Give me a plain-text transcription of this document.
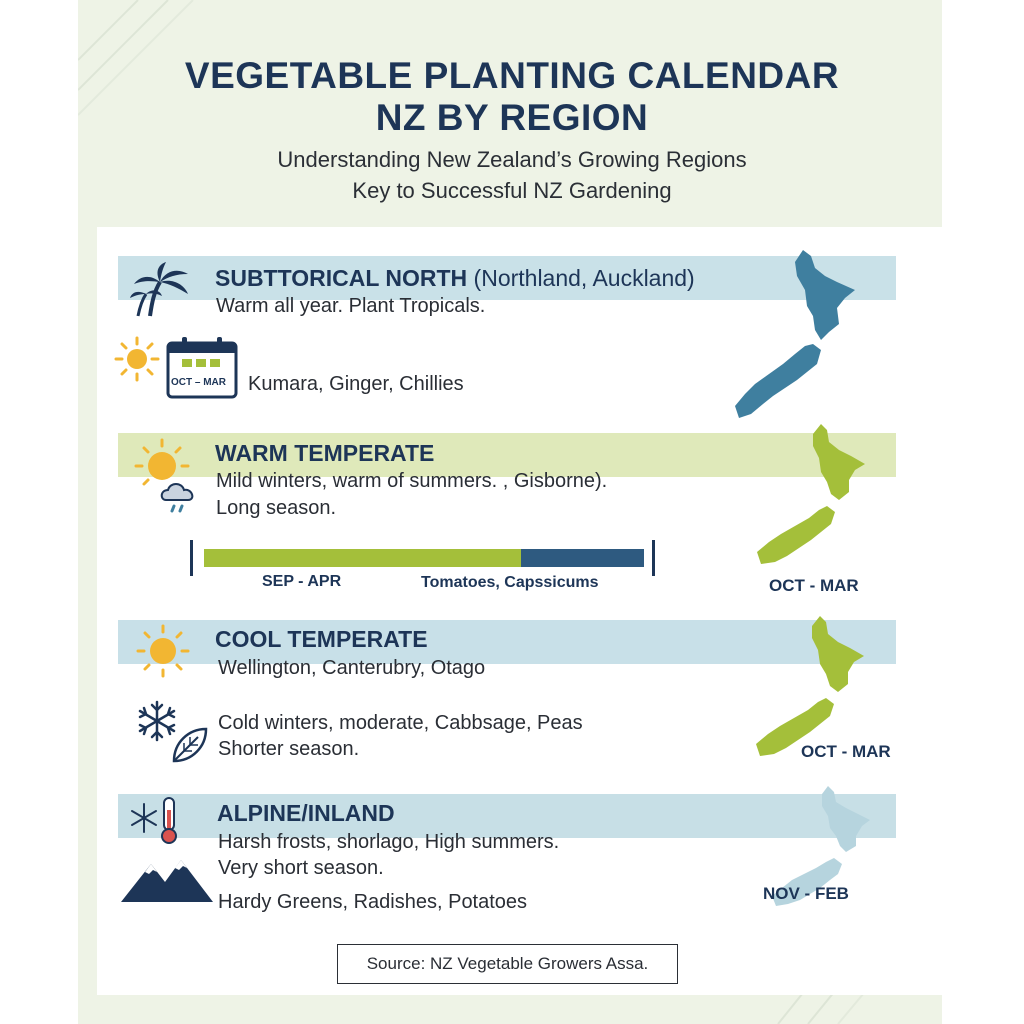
VEGETABLE PLANTING CALENDAR
NZ BY REGION
Understanding New Zealand’s Growing Regions
Key to Successful NZ Gardening
SUBTTORICAL NORTH (Northland, Auckland)
Warm all year. Plant Tropicals.
OCT – MAR Kumara, Ginger, Chillies
WARM TEMPERATE
Mild winters, warm of summers. , Gisborne).
Long season.
SEP - APR	Tomatoes, Capssicums	OCT - MAR
COOL TEMPERATE
Wellington, Canterubry, Otago
Cold winters, moderate, Cabbsage, Peas
Shorter season.	OCT - MAR
ALPINE/INLAND
Harsh frosts, shorlago, High summers.
Very short season.
Hardy Greens, Radishes, Potatoes	NOV - FEB
Source: NZ Vegetable Growers Assa.
